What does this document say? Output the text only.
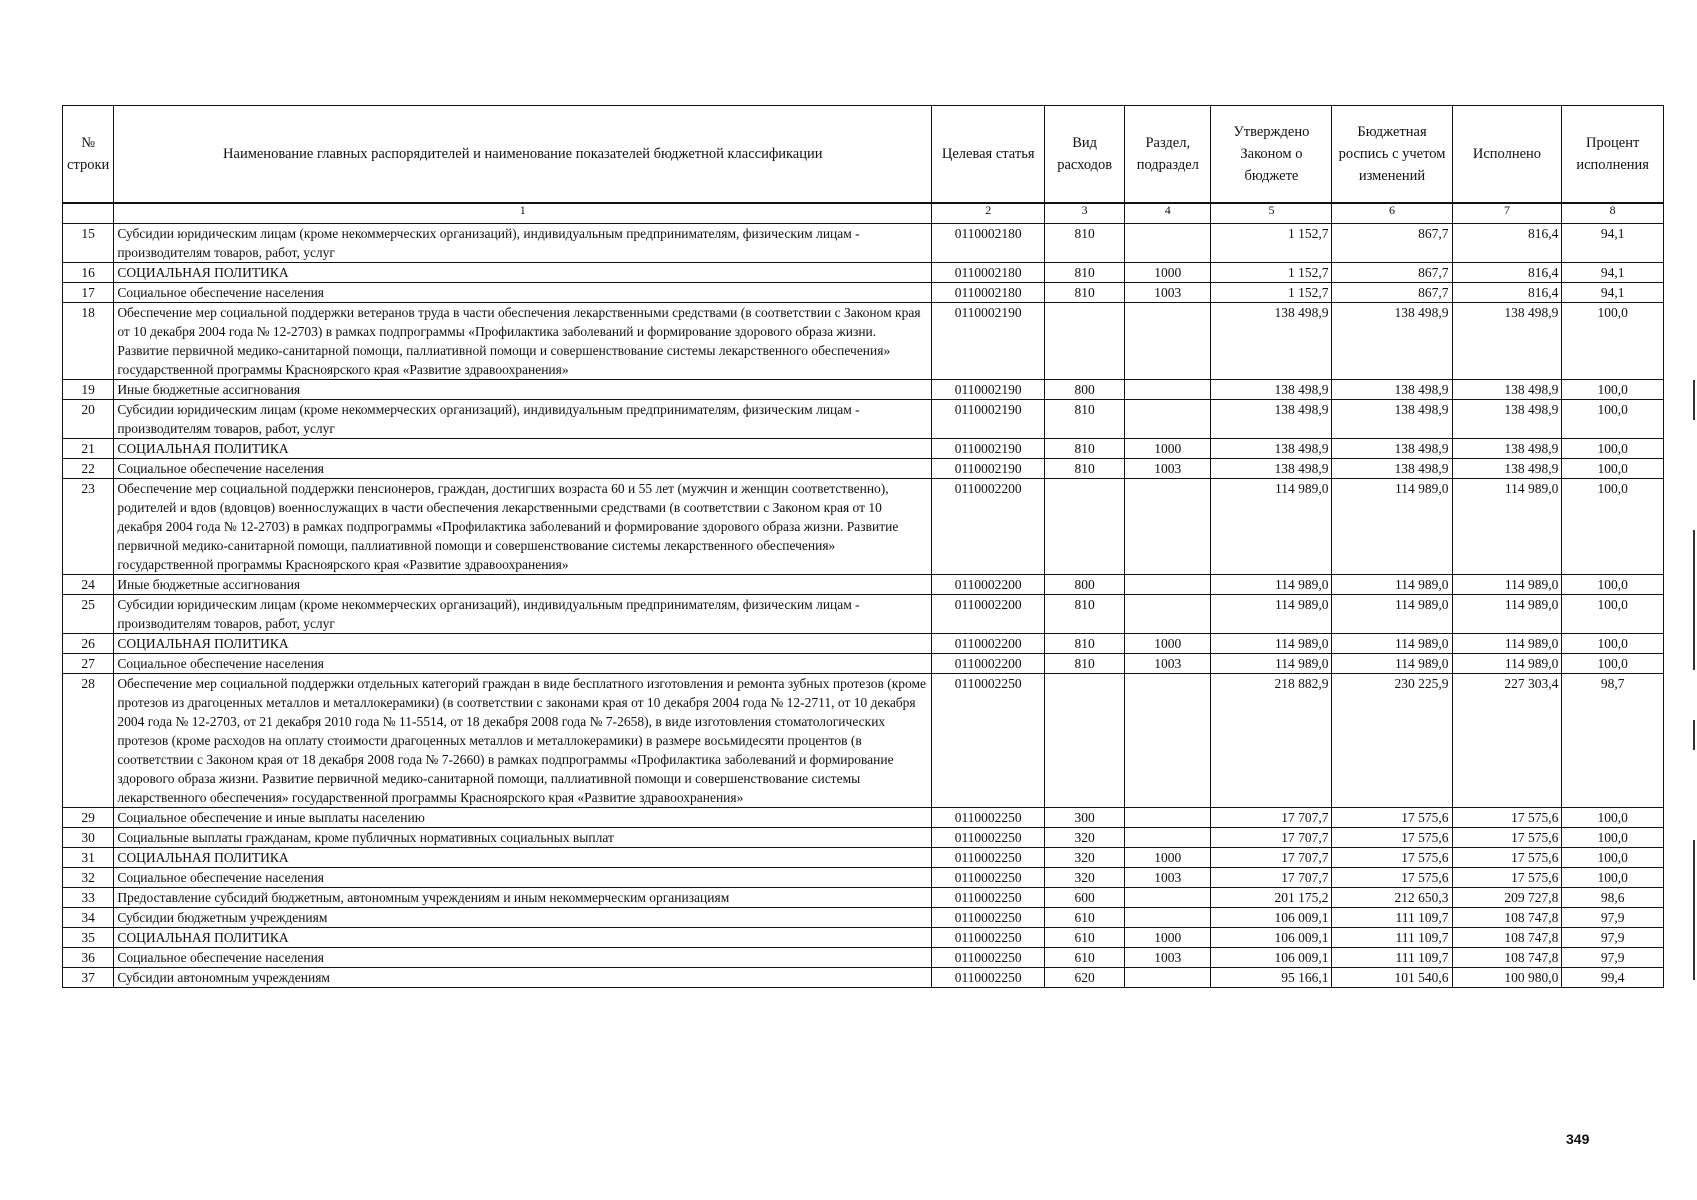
№ строки	Наименование главных распорядителей и наименование показателей бюджетной классификации	Целевая статья	Вид расходов	Раздел, подраздел	Утверждено Законом о бюджете	Бюджетная роспись с учетом изменений	Исполнено	Процент исполнения
	1	2	3	4	5	6	7	8
15	Субсидии юридическим лицам (кроме некоммерческих организаций), индивидуальным предпринимателям, физическим лицам - производителям товаров, работ, услуг	0110002180	810		1 152,7	867,7	816,4	94,1
16	СОЦИАЛЬНАЯ ПОЛИТИКА	0110002180	810	1000	1 152,7	867,7	816,4	94,1
17	Социальное обеспечение населения	0110002180	810	1003	1 152,7	867,7	816,4	94,1
18	Обеспечение мер социальной поддержки ветеранов труда в части обеспечения лекарственными средствами (в соответствии с Законом края от 10 декабря 2004 года № 12-2703) в рамках подпрограммы «Профилактика заболеваний и формирование здорового образа жизни. Развитие первичной медико-санитарной помощи, паллиативной помощи и совершенствование системы лекарственного обеспечения» государственной программы Красноярского края «Развитие здравоохранения»	0110002190			138 498,9	138 498,9	138 498,9	100,0
19	Иные бюджетные ассигнования	0110002190	800		138 498,9	138 498,9	138 498,9	100,0
20	Субсидии юридическим лицам (кроме некоммерческих организаций), индивидуальным предпринимателям, физическим лицам - производителям товаров, работ, услуг	0110002190	810		138 498,9	138 498,9	138 498,9	100,0
21	СОЦИАЛЬНАЯ ПОЛИТИКА	0110002190	810	1000	138 498,9	138 498,9	138 498,9	100,0
22	Социальное обеспечение населения	0110002190	810	1003	138 498,9	138 498,9	138 498,9	100,0
23	Обеспечение мер социальной поддержки пенсионеров, граждан, достигших возраста 60 и 55 лет (мужчин и женщин соответственно), родителей и вдов (вдовцов) военнослужащих в части обеспечения лекарственными средствами (в соответствии с Законом края от 10 декабря 2004 года № 12-2703) в рамках подпрограммы «Профилактика заболеваний и формирование здорового образа жизни. Развитие первичной медико-санитарной помощи, паллиативной помощи и совершенствование системы лекарственного обеспечения» государственной программы Красноярского края «Развитие здравоохранения»	0110002200			114 989,0	114 989,0	114 989,0	100,0
24	Иные бюджетные ассигнования	0110002200	800		114 989,0	114 989,0	114 989,0	100,0
25	Субсидии юридическим лицам (кроме некоммерческих организаций), индивидуальным предпринимателям, физическим лицам - производителям товаров, работ, услуг	0110002200	810		114 989,0	114 989,0	114 989,0	100,0
26	СОЦИАЛЬНАЯ ПОЛИТИКА	0110002200	810	1000	114 989,0	114 989,0	114 989,0	100,0
27	Социальное обеспечение населения	0110002200	810	1003	114 989,0	114 989,0	114 989,0	100,0
28	Обеспечение мер социальной поддержки отдельных категорий граждан в виде бесплатного изготовления и ремонта зубных протезов (кроме протезов из драгоценных металлов и металлокерамики) (в соответствии с законами края от 10 декабря 2004 года № 12-2711, от 10 декабря 2004 года № 12-2703, от 21 декабря 2010 года № 11-5514, от 18 декабря 2008 года № 7-2658), в виде изготовления стоматологических протезов (кроме расходов на оплату стоимости драгоценных металлов и металлокерамики) в размере восьмидесяти процентов (в соответствии с Законом края от 18 декабря 2008 года № 7-2660) в рамках подпрограммы «Профилактика заболеваний и формирование здорового образа жизни. Развитие первичной медико-санитарной помощи, паллиативной помощи и совершенствование системы лекарственного обеспечения» государственной программы Красноярского края «Развитие здравоохранения»	0110002250			218 882,9	230 225,9	227 303,4	98,7
29	Социальное обеспечение и иные выплаты населению	0110002250	300		17 707,7	17 575,6	17 575,6	100,0
30	Социальные выплаты гражданам, кроме публичных нормативных социальных выплат	0110002250	320		17 707,7	17 575,6	17 575,6	100,0
31	СОЦИАЛЬНАЯ ПОЛИТИКА	0110002250	320	1000	17 707,7	17 575,6	17 575,6	100,0
32	Социальное обеспечение населения	0110002250	320	1003	17 707,7	17 575,6	17 575,6	100,0
33	Предоставление субсидий бюджетным, автономным учреждениям и иным некоммерческим организациям	0110002250	600		201 175,2	212 650,3	209 727,8	98,6
34	Субсидии бюджетным учреждениям	0110002250	610		106 009,1	111 109,7	108 747,8	97,9
35	СОЦИАЛЬНАЯ ПОЛИТИКА	0110002250	610	1000	106 009,1	111 109,7	108 747,8	97,9
36	Социальное обеспечение населения	0110002250	610	1003	106 009,1	111 109,7	108 747,8	97,9
37	Субсидии автономным учреждениям	0110002250	620		95 166,1	101 540,6	100 980,0	99,4
349
